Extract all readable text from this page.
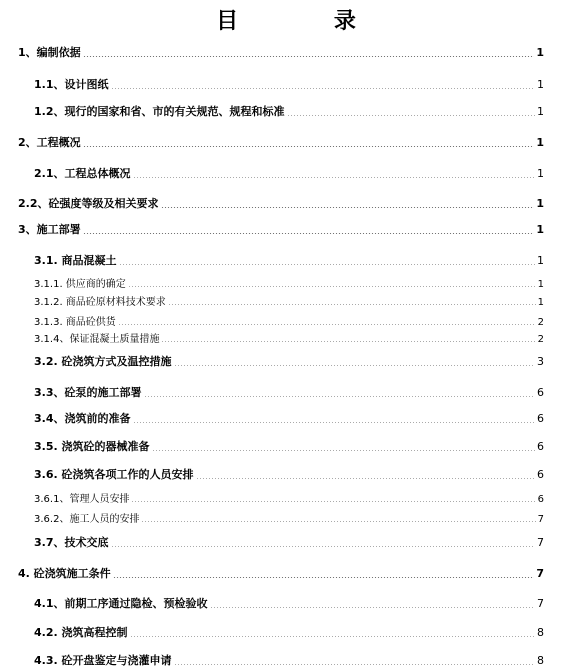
目 录
1、编制依据	1
1.1、设计图纸	1
1.2、现行的国家和省、市的有关规范、规程和标准	1
2、工程概况	1
2.1、工程总体概况	1
2.2、砼强度等级及相关要求	1
3、施工部署	1
3.1. 商品混凝土	1
3.1.1. 供应商的确定	1
3.1.2. 商品砼原材料技术要求	1
3.1.3. 商品砼供货	2
3.1.4、保证混凝土质量措施	2
3.2. 砼浇筑方式及温控措施	3
3.3、砼泵的施工部署	6
3.4、浇筑前的准备	6
3.5. 浇筑砼的器械准备	6
3.6. 砼浇筑各项工作的人员安排	6
3.6.1、管理人员安排	6
3.6.2、施工人员的安排	7
3.7、技术交底	7
4. 砼浇筑施工条件	7
4.1、前期工序通过隐检、预检验收	7
4.2. 浇筑高程控制	8
4.3. 砼开盘鉴定与浇灌申请	8
